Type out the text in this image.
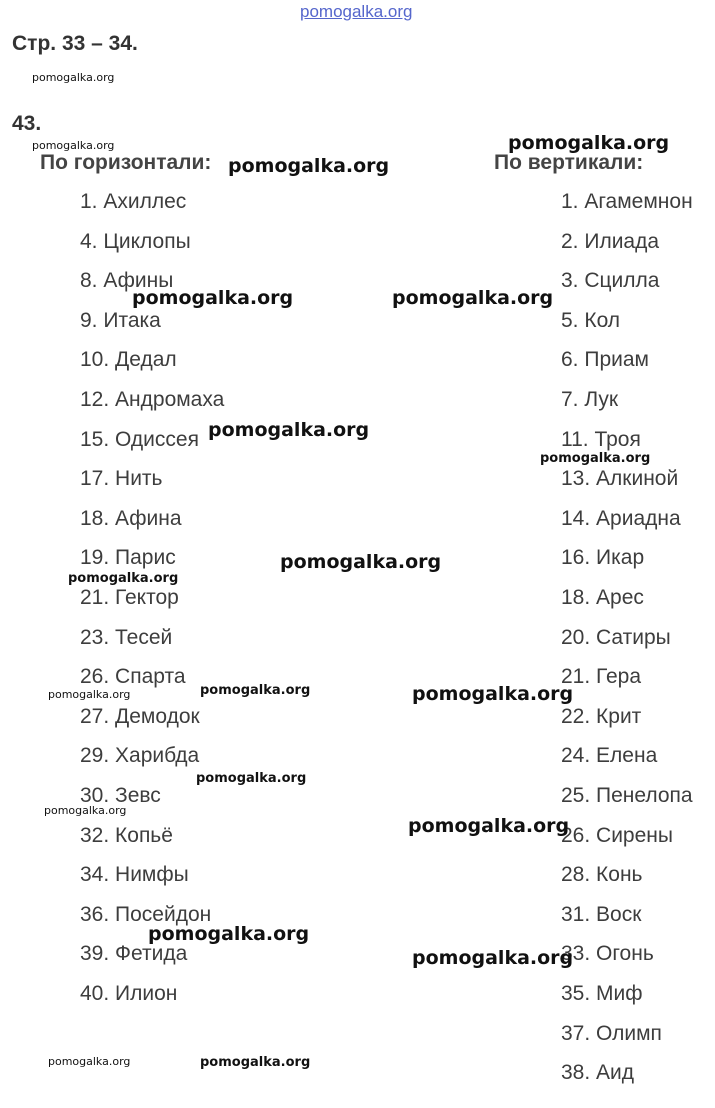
pomogalka.org
Стр. 33 – 34.
43.
По горизонтали:	По вертикали:
1. Ахиллес
4. Циклопы
8. Афины
9. Итака
10. Дедал
12. Андромаха
15. Одиссея
17. Нить
18. Афина
19. Парис
21. Гектор
23. Тесей
26. Спарта
27. Демодок
29. Харибда
30. Зевс
32. Копьё
34. Нимфы
36. Посейдон
39. Фетида
40. Илион
1. Агамемнон
2. Илиада
3. Сцилла
5. Кол
6. Приам
7. Лук
11. Троя
13. Алкиной
14. Ариадна
16. Икар
18. Арес
20. Сатиры
21. Гера
22. Крит
24. Елена
25. Пенелопа
26. Сирены
28. Конь
31. Воск
33. Огонь
35. Миф
37. Олимп
38. Аид
pomogalka.org
pomogalka.org	pomogalka.org
pomogalka.org
pomogalka.org	pomogalka.org
pomogalka.org
pomogalka.org
pomogalka.org
pomogalka.org
pomogalka.org	pomogalka.org	pomogalka.org
pomogalka.org
pomogalka.org
pomogalka.org
pomogalka.org
pomogalka.org
pomogalka.org	pomogalka.org
